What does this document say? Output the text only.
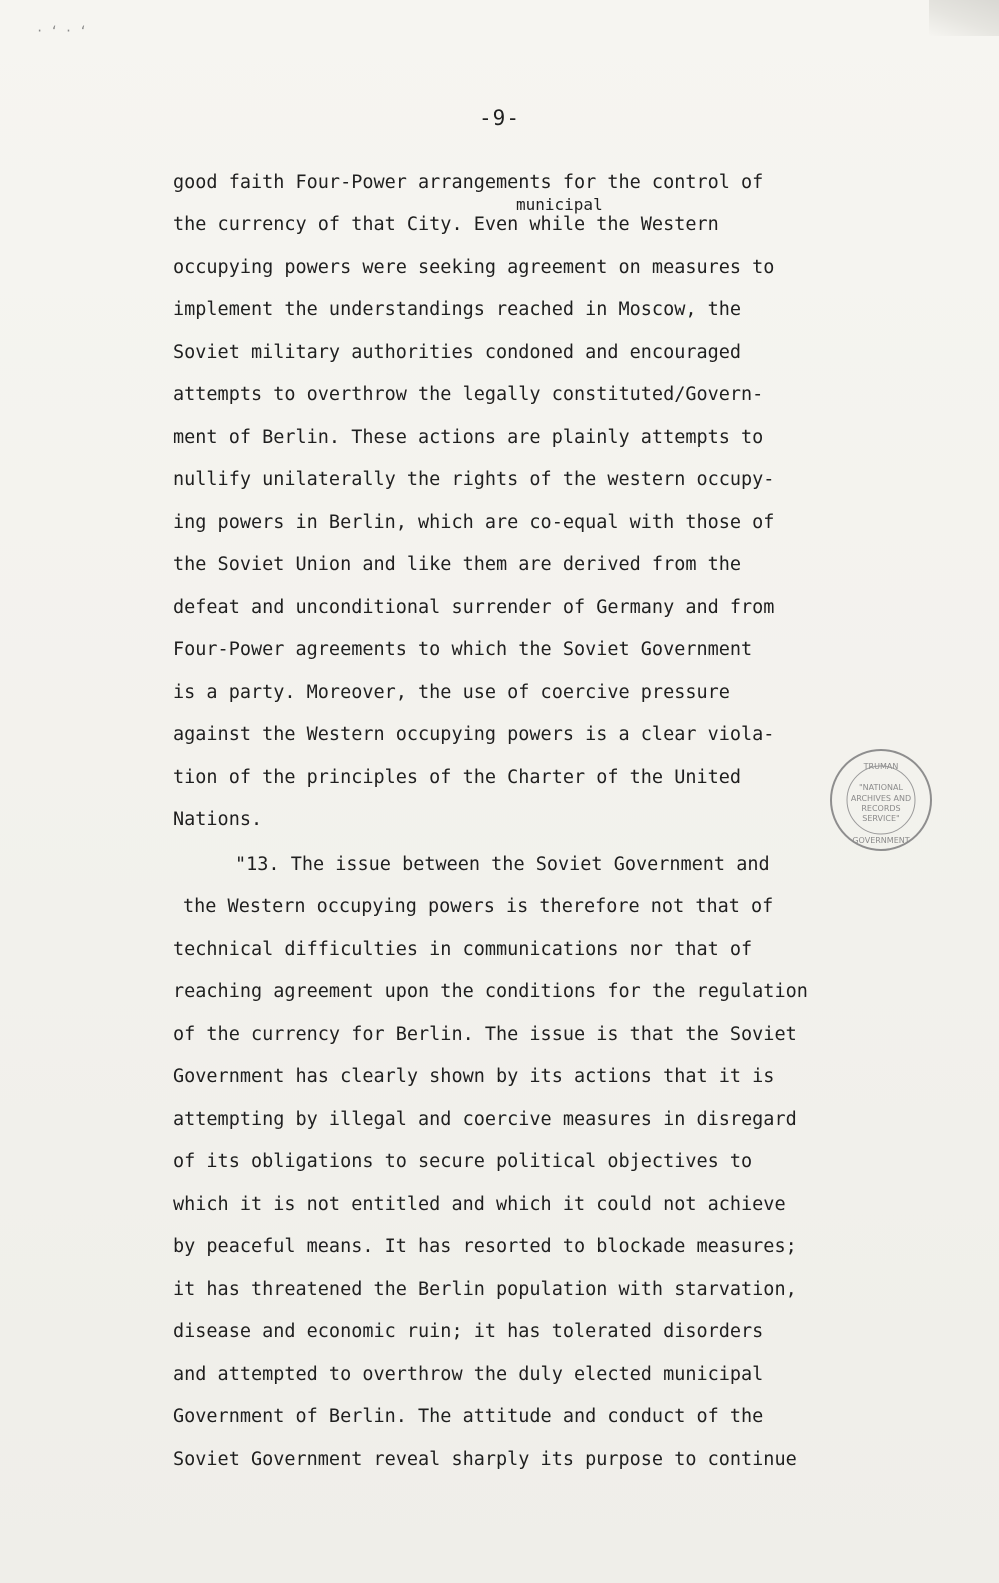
· ‘ · ‘
-9-
municipal
good faith Four-Power arrangements for the control of
the currency of that City. Even while the Western
occupying powers were seeking agreement on measures to
implement the understandings reached in Moscow, the
Soviet military authorities condoned and encouraged
attempts to overthrow the legally constituted/Govern-
ment of Berlin. These actions are plainly attempts to
nullify unilaterally the rights of the western occupy-
ing powers in Berlin, which are co-equal with those of
the Soviet Union and like them are derived from the
defeat and unconditional surrender of Germany and from
Four-Power agreements to which the Soviet Government
is a party. Moreover, the use of coercive pressure
against the Western occupying powers is a clear viola-
tion of the principles of the Charter of the United
Nations.
"13. The issue between the Soviet Government and
the Western occupying powers is therefore not that of
technical difficulties in communications nor that of
reaching agreement upon the conditions for the regulation
of the currency for Berlin. The issue is that the Soviet
Government has clearly shown by its actions that it is
attempting by illegal and coercive measures in disregard
of its obligations to secure political objectives to
which it is not entitled and which it could not achieve
by peaceful means. It has resorted to blockade measures;
it has threatened the Berlin population with starvation,
disease and economic ruin; it has tolerated disorders
and attempted to overthrow the duly elected municipal
Government of Berlin. The attitude and conduct of the
Soviet Government reveal sharply its purpose to continue
TRUMAN
"NATIONAL
ARCHIVES AND
RECORDS
SERVICE"
GOVERNMENT
